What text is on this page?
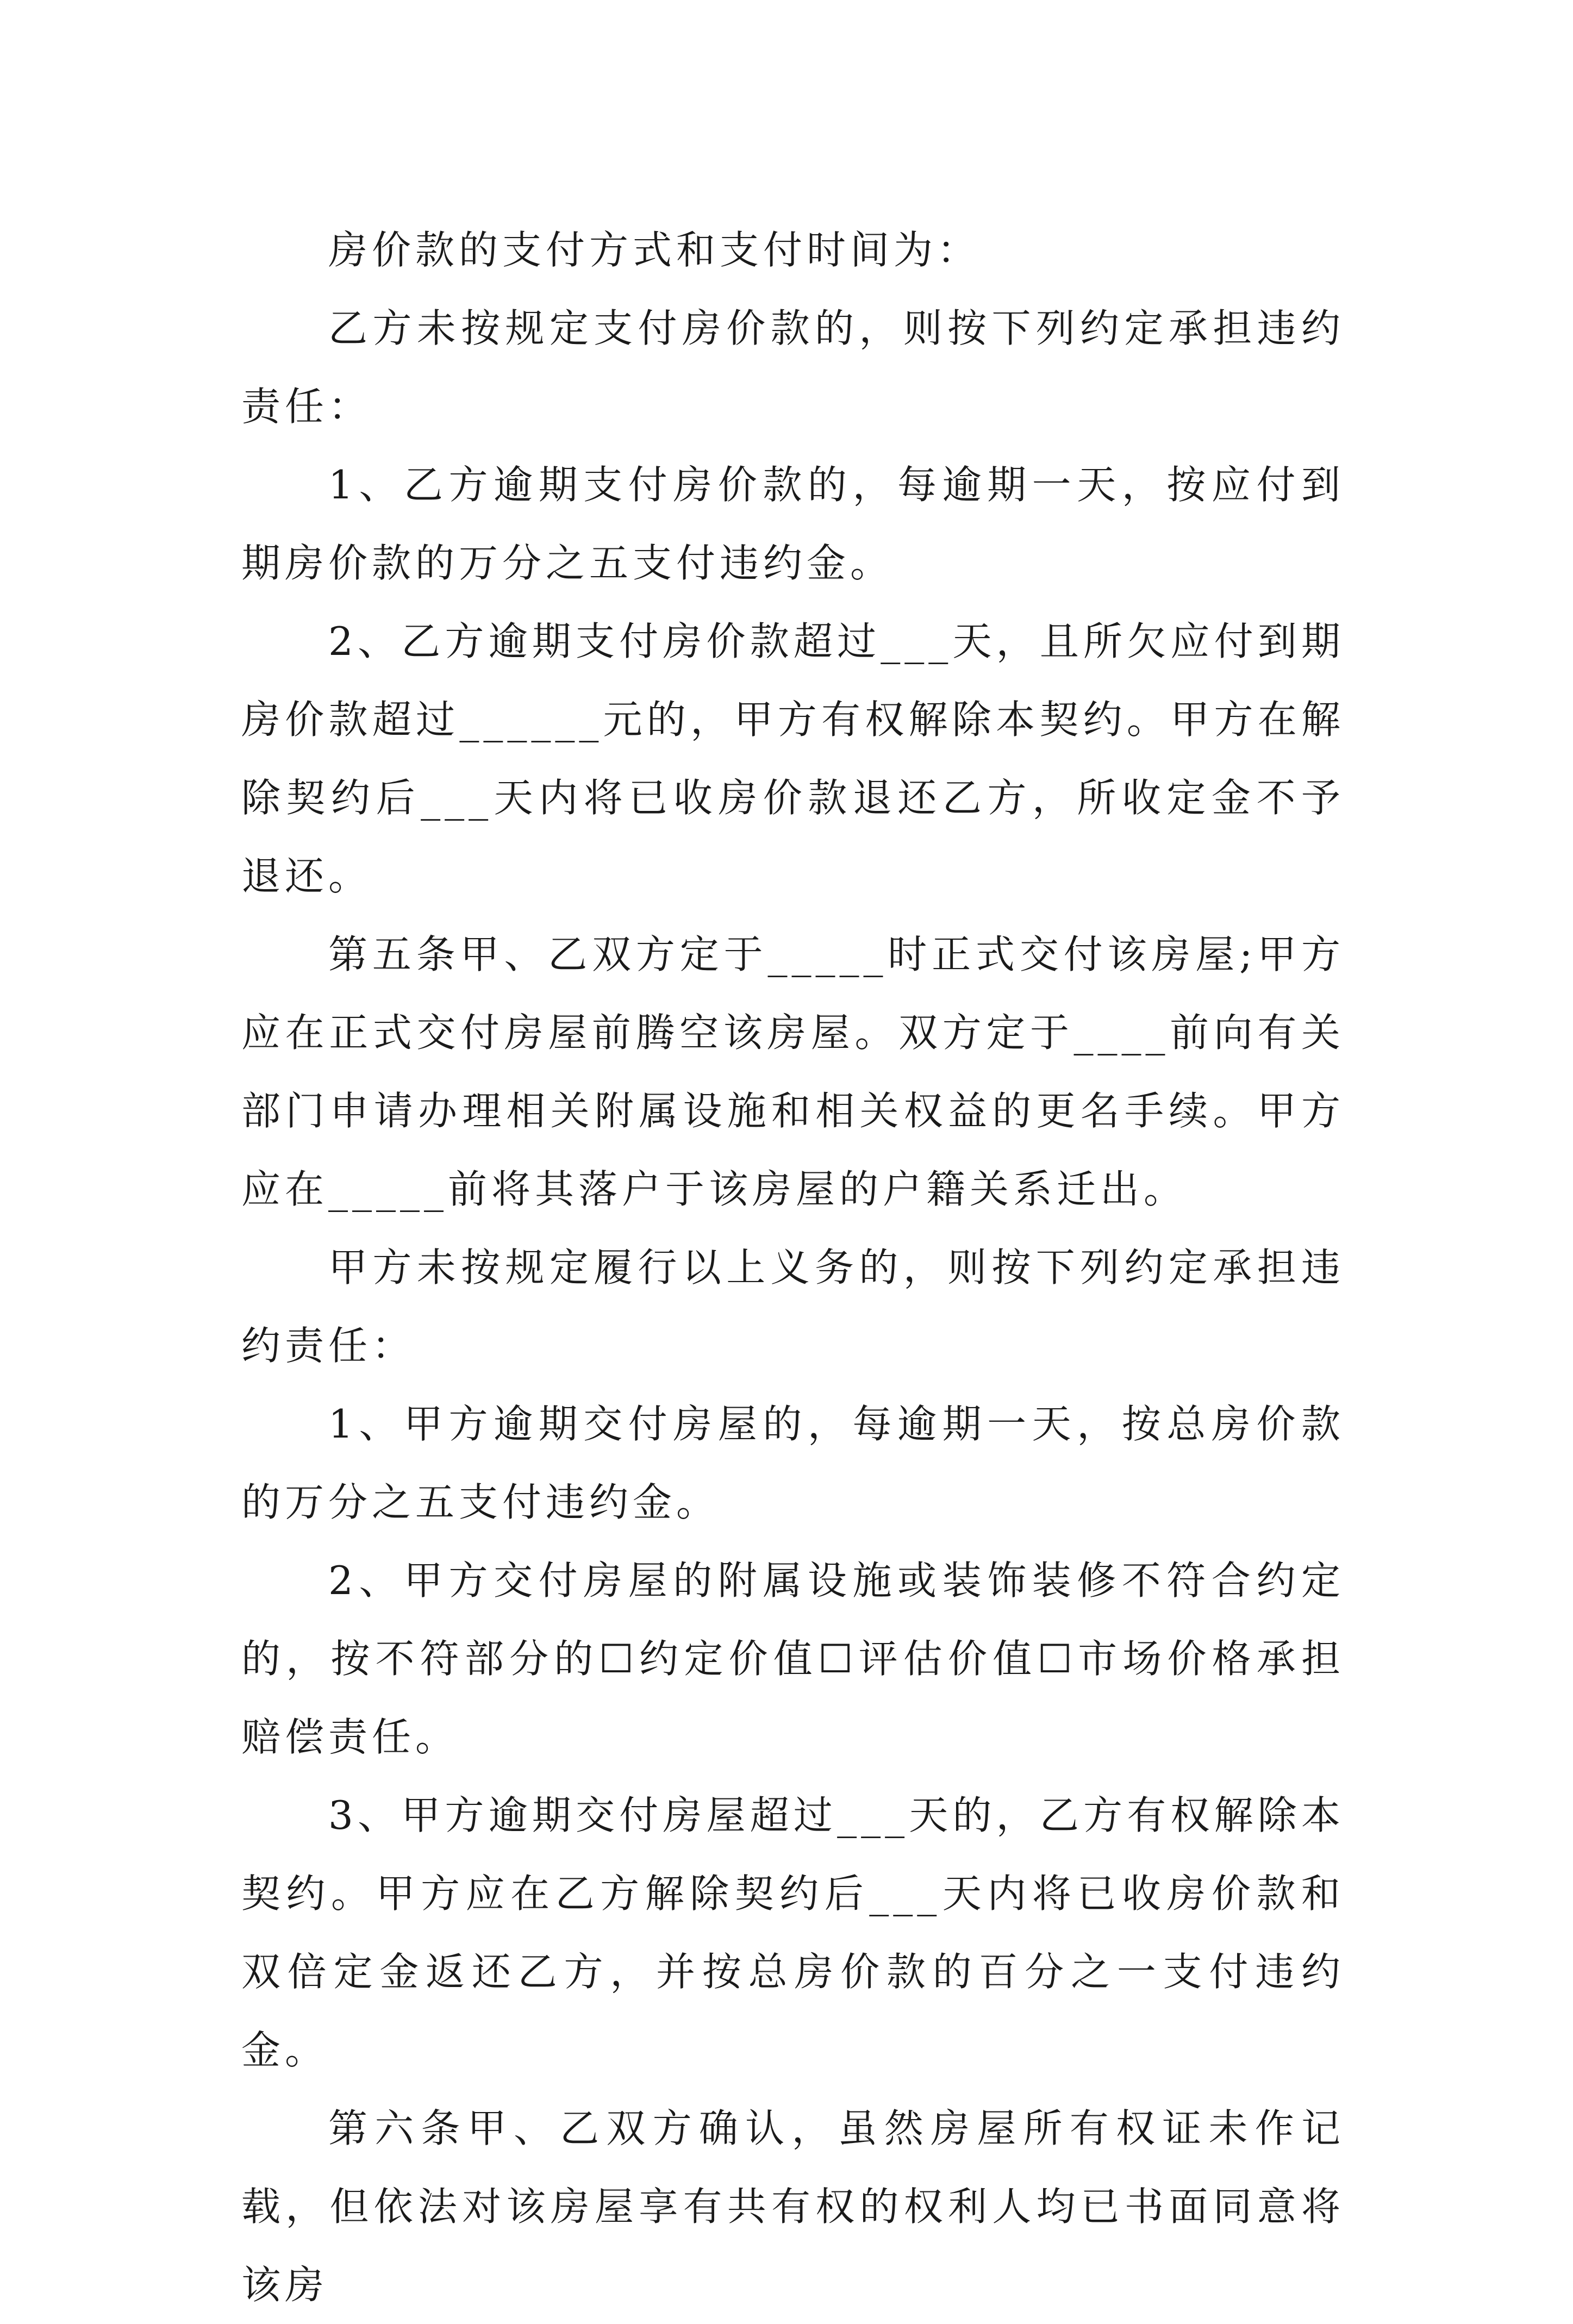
房价款的支付方式和支付时间为：

乙方未按规定支付房价款的，则按下列约定承担违约责任：

1、乙方逾期支付房价款的，每逾期一天，按应付到期房价款的万分之五支付违约金。

2、乙方逾期支付房价款超过___天，且所欠应付到期房价款超过______元的，甲方有权解除本契约。甲方在解除契约后___天内将已收房价款退还乙方，所收定金不予退还。

第五条甲、乙双方定于_____时正式交付该房屋;甲方应在正式交付房屋前腾空该房屋。双方定于____前向有关部门申请办理相关附属设施和相关权益的更名手续。甲方应在_____前将其落户于该房屋的户籍关系迁出。

甲方未按规定履行以上义务的，则按下列约定承担违约责任：

1、甲方逾期交付房屋的，每逾期一天，按总房价款的万分之五支付违约金。

2、甲方交付房屋的附属设施或装饰装修不符合约定的，按不符部分的☐约定价值☐评估价值☐市场价格承担赔偿责任。

3、甲方逾期交付房屋超过___天的，乙方有权解除本契约。甲方应在乙方解除契约后___天内将已收房价款和双倍定金返还乙方，并按总房价款的百分之一支付违约金。

第六条甲、乙双方确认，虽然房屋所有权证未作记载，但依法对该房屋享有共有权的权利人均已书面同意将该房
